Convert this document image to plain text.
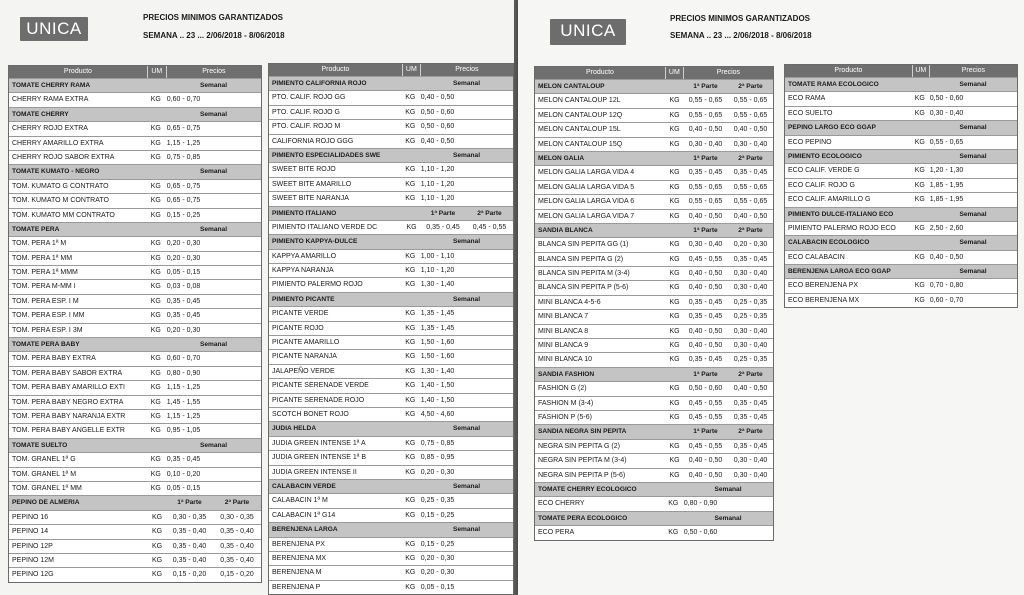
UNICA
PRECIOS MINIMOS GARANTIZADOS
SEMANA .. 23 ... 2/06/2018 - 8/06/2018
Producto	UM	Precios
TOMATE CHERRY RAMA	Semanal
CHERRY RAMA EXTRA	KG 0,60 - 0,70
TOMATE CHERRY	Semanal
CHERRY ROJO EXTRA	KG 0,65 - 0,75
CHERRY AMARILLO EXTRA	KG 1,15 - 1,25
CHERRY ROJO SABOR EXTRA	KG 0,75 - 0,85
TOMATE KUMATO - NEGRO	Semanal
TOM. KUMATO G CONTRATO	KG 0,65 - 0,75
TOM. KUMATO M CONTRATO	KG 0,65 - 0,75
TOM. KUMATO MM CONTRATO	KG 0,15 - 0,25
TOMATE PERA	Semanal
TOM. PERA 1ª M	KG 0,20 - 0,30
TOM. PERA 1ª MM	KG 0,20 - 0,30
TOM. PERA 1ª MMM	KG 0,05 - 0,15
TOM. PERA M-MM I	KG 0,03 - 0,08
TOM. PERA ESP. I M	KG 0,35 - 0,45
TOM. PERA ESP. I MM	KG 0,35 - 0,45
TOM. PERA ESP. I 3M	KG 0,20 - 0,30
TOMATE PERA BABY	Semanal
TOM. PERA BABY EXTRA	KG 0,60 - 0,70
TOM. PERA BABY SABOR EXTRA	KG 0,80 - 0,90
TOM. PERA BABY AMARILLO EXTI	KG 1,15 - 1,25
TOM. PERA BABY NEGRO EXTRA	KG 1,45 - 1,55
TOM. PERA BABY NARANJA EXTR	KG 1,15 - 1,25
TOM. PERA BABY ANGELLE EXTR	KG 0,95 - 1,05
TOMATE SUELTO	Semanal
TOM. GRANEL 1ª G	KG 0,35 - 0,45
TOM. GRANEL 1ª M	KG 0,10 - 0,20
TOM. GRANEL 1ª MM	KG 0,05 - 0,15
PEPINO DE ALMERIA	1ª Parte	2ª Parte
PEPINO 16	KG	0,30 - 0,35	0,30 - 0,35
PEPINO 14	KG	0,35 - 0,40	0,35 - 0,40
PEPINO 12P	KG	0,35 - 0,40	0,35 - 0,40
PEPINO 12M	KG	0,35 - 0,40	0,35 - 0,40
PEPINO 12G	KG	0,15 - 0,20	0,15 - 0,20
Producto	UM	Precios
PIMIENTO CALIFORNIA ROJO	Semanal
PTO. CALIF. ROJO GG	KG 0,40 - 0,50
PTO. CALIF. ROJO G	KG 0,50 - 0,60
PTO. CALIF. ROJO M	KG 0,50 - 0,60
CALIFORNIA ROJO GGG	KG 0,40 - 0,50
PIMIENTO ESPECIALIDADES SWE	Semanal
SWEET BITE ROJO	KG 1,10 - 1,20
SWEET BITE AMARILLO	KG 1,10 - 1,20
SWEET BITE NARANJA	KG 1,10 - 1,20
PIMIENTO ITALIANO	1ª Parte	2ª Parte
PIMIENTO ITALIANO VERDE DC	KG	0,35 - 0,45	0,45 - 0,55
PIMIENTO KAPPYA-DULCE	Semanal
KAPPYA AMARILLO	KG 1,00 - 1,10
KAPPYA NARANJA	KG 1,10 - 1,20
PIMIENTO PALERMO ROJO	KG 1,30 - 1,40
PIMIENTO PICANTE	Semanal
PICANTE VERDE	KG 1,35 - 1,45
PICANTE ROJO	KG 1,35 - 1,45
PICANTE AMARILLO	KG 1,50 - 1,60
PICANTE NARANJA	KG 1,50 - 1,60
JALAPEÑO VERDE	KG 1,30 - 1,40
PICANTE SERENADE VERDE	KG 1,40 - 1,50
PICANTE SERENADE ROJO	KG 1,40 - 1,50
SCOTCH BONET ROJO	KG 4,50 - 4,60
JUDIA HELDA	Semanal
JUDIA GREEN INTENSE 1ª A	KG 0,75 - 0,85
JUDIA GREEN INTENSE 1ª B	KG 0,85 - 0,95
JUDIA GREEN INTENSE II	KG 0,20 - 0,30
CALABACIN VERDE	Semanal
CALABACIN 1ª M	KG 0,25 - 0,35
CALABACIN 1ª G14	KG 0,15 - 0,25
BERENJENA LARGA	Semanal
BERENJENA PX	KG 0,15 - 0,25
BERENJENA MX	KG 0,20 - 0,30
BERENJENA M	KG 0,20 - 0,30
BERENJENA P	KG 0,05 - 0,15
UNICA
PRECIOS MINIMOS GARANTIZADOS
SEMANA .. 23 ... 2/06/2018 - 8/06/2018
Producto	UM	Precios
MELON CANTALOUP	1ª Parte	2ª Parte
MELON CANTALOUP 12L	KG	0,55 - 0,65	0,55 - 0,65
MELON CANTALOUP 12Q	KG	0,55 - 0,65	0,55 - 0,65
MELON CANTALOUP 15L	KG	0,40 - 0,50	0,40 - 0,50
MELON CANTALOUP 15Q	KG	0,30 - 0,40	0,30 - 0,40
MELON GALIA	1ª Parte	2ª Parte
MELON GALIA LARGA VIDA 4	KG	0,35 - 0,45	0,35 - 0,45
MELON GALIA LARGA VIDA 5	KG	0,55 - 0,65	0,55 - 0,65
MELON GALIA LARGA VIDA 6	KG	0,55 - 0,65	0,55 - 0,65
MELON GALIA LARGA VIDA 7	KG	0,40 - 0,50	0,40 - 0,50
SANDIA BLANCA	1ª Parte	2ª Parte
BLANCA SIN PEPITA GG (1)	KG	0,30 - 0,40	0,20 - 0,30
BLANCA SIN PEPITA G (2)	KG	0,45 - 0,55	0,35 - 0,45
BLANCA SIN PEPITA M (3-4)	KG	0,40 - 0,50	0,30 - 0,40
BLANCA SIN PEPITA P (5-6)	KG	0,40 - 0,50	0,30 - 0,40
MINI BLANCA 4-5-6	KG	0,35 - 0,45	0,25 - 0,35
MINI BLANCA 7	KG	0,35 - 0,45	0,25 - 0,35
MINI BLANCA 8	KG	0,40 - 0,50	0,30 - 0,40
MINI BLANCA 9	KG	0,40 - 0,50	0,30 - 0,40
MINI BLANCA 10	KG	0,35 - 0,45	0,25 - 0,35
SANDIA FASHION	1ª Parte	2ª Parte
FASHION G (2)	KG	0,50 - 0,60	0,40 - 0,50
FASHION M (3-4)	KG	0,45 - 0,55	0,35 - 0,45
FASHION P (5-6)	KG	0,45 - 0,55	0,35 - 0,45
SANDIA NEGRA SIN PEPITA	1ª Parte	2ª Parte
NEGRA SIN PEPITA G (2)	KG	0,45 - 0,55	0,35 - 0,45
NEGRA SIN PEPITA M (3-4)	KG	0,40 - 0,50	0,30 - 0,40
NEGRA SIN PEPITA P (5-6)	KG	0,40 - 0,50	0,30 - 0,40
TOMATE CHERRY ECOLOGICO	Semanal
ECO CHERRY	KG 0,80 - 0,90
TOMATE PERA ECOLOGICO	Semanal
ECO PERA	KG 0,50 - 0,60
Producto	UM	Precios
TOMATE RAMA ECOLOGICO	Semanal
ECO RAMA	KG 0,50 - 0,60
ECO SUELTO	KG 0,30 - 0,40
PEPINO LARGO ECO GGAP	Semanal
ECO PEPINO	KG 0,55 - 0,65
PIMIENTO ECOLOGICO	Semanal
ECO CALIF. VERDE G	KG 1,20 - 1,30
ECO CALIF. ROJO G	KG 1,85 - 1,95
ECO CALIF. AMARILLO G	KG 1,85 - 1,95
PIMIENTO DULCE-ITALIANO ECO	Semanal
PIMIENTO PALERMO ROJO ECO	KG 2,50 - 2,60
CALABACIN ECOLOGICO	Semanal
ECO CALABACIN	KG 0,40 - 0,50
BERENJENA LARGA ECO GGAP	Semanal
ECO BERENJENA PX	KG 0,70 - 0,80
ECO BERENJENA MX	KG 0,60 - 0,70
